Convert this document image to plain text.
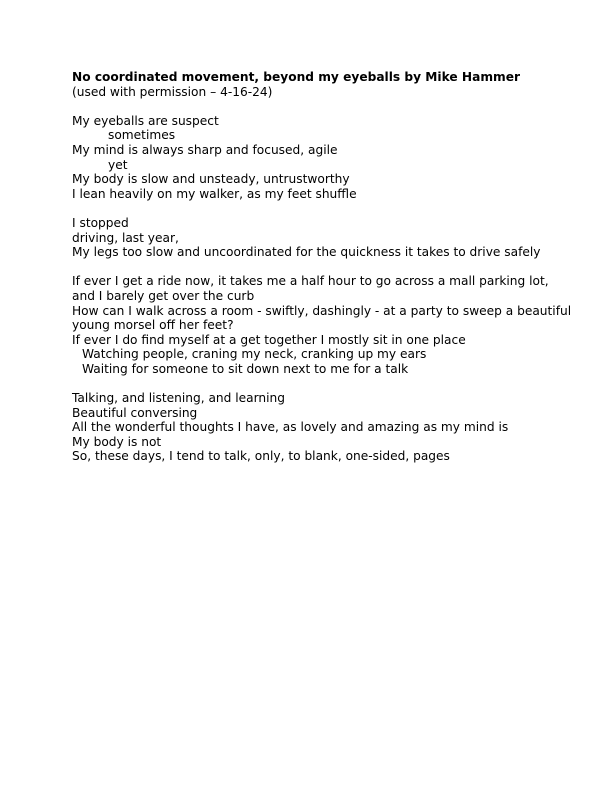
No coordinated movement, beyond my eyeballs by Mike Hammer
(used with permission – 4-16-24)
My eyeballs are suspect
sometimes
My mind is always sharp and focused, agile
yet
My body is slow and unsteady, untrustworthy
I lean heavily on my walker, as my feet shuffle
I stopped
driving, last year,
My legs too slow and uncoordinated for the quickness it takes to drive safely
If ever I get a ride now, it takes me a half hour to go across a mall parking lot, and I barely get over the curb
How can I walk across a room - swiftly, dashingly - at a party to sweep a beautiful young morsel off her feet?
If ever I do find myself at a get together I mostly sit in one place
Watching people, craning my neck, cranking up my ears
Waiting for someone to sit down next to me for a talk
Talking, and listening, and learning
Beautiful conversing
All the wonderful thoughts I have, as lovely and amazing as my mind is
My body is not
So, these days, I tend to talk, only, to blank, one-sided, pages
